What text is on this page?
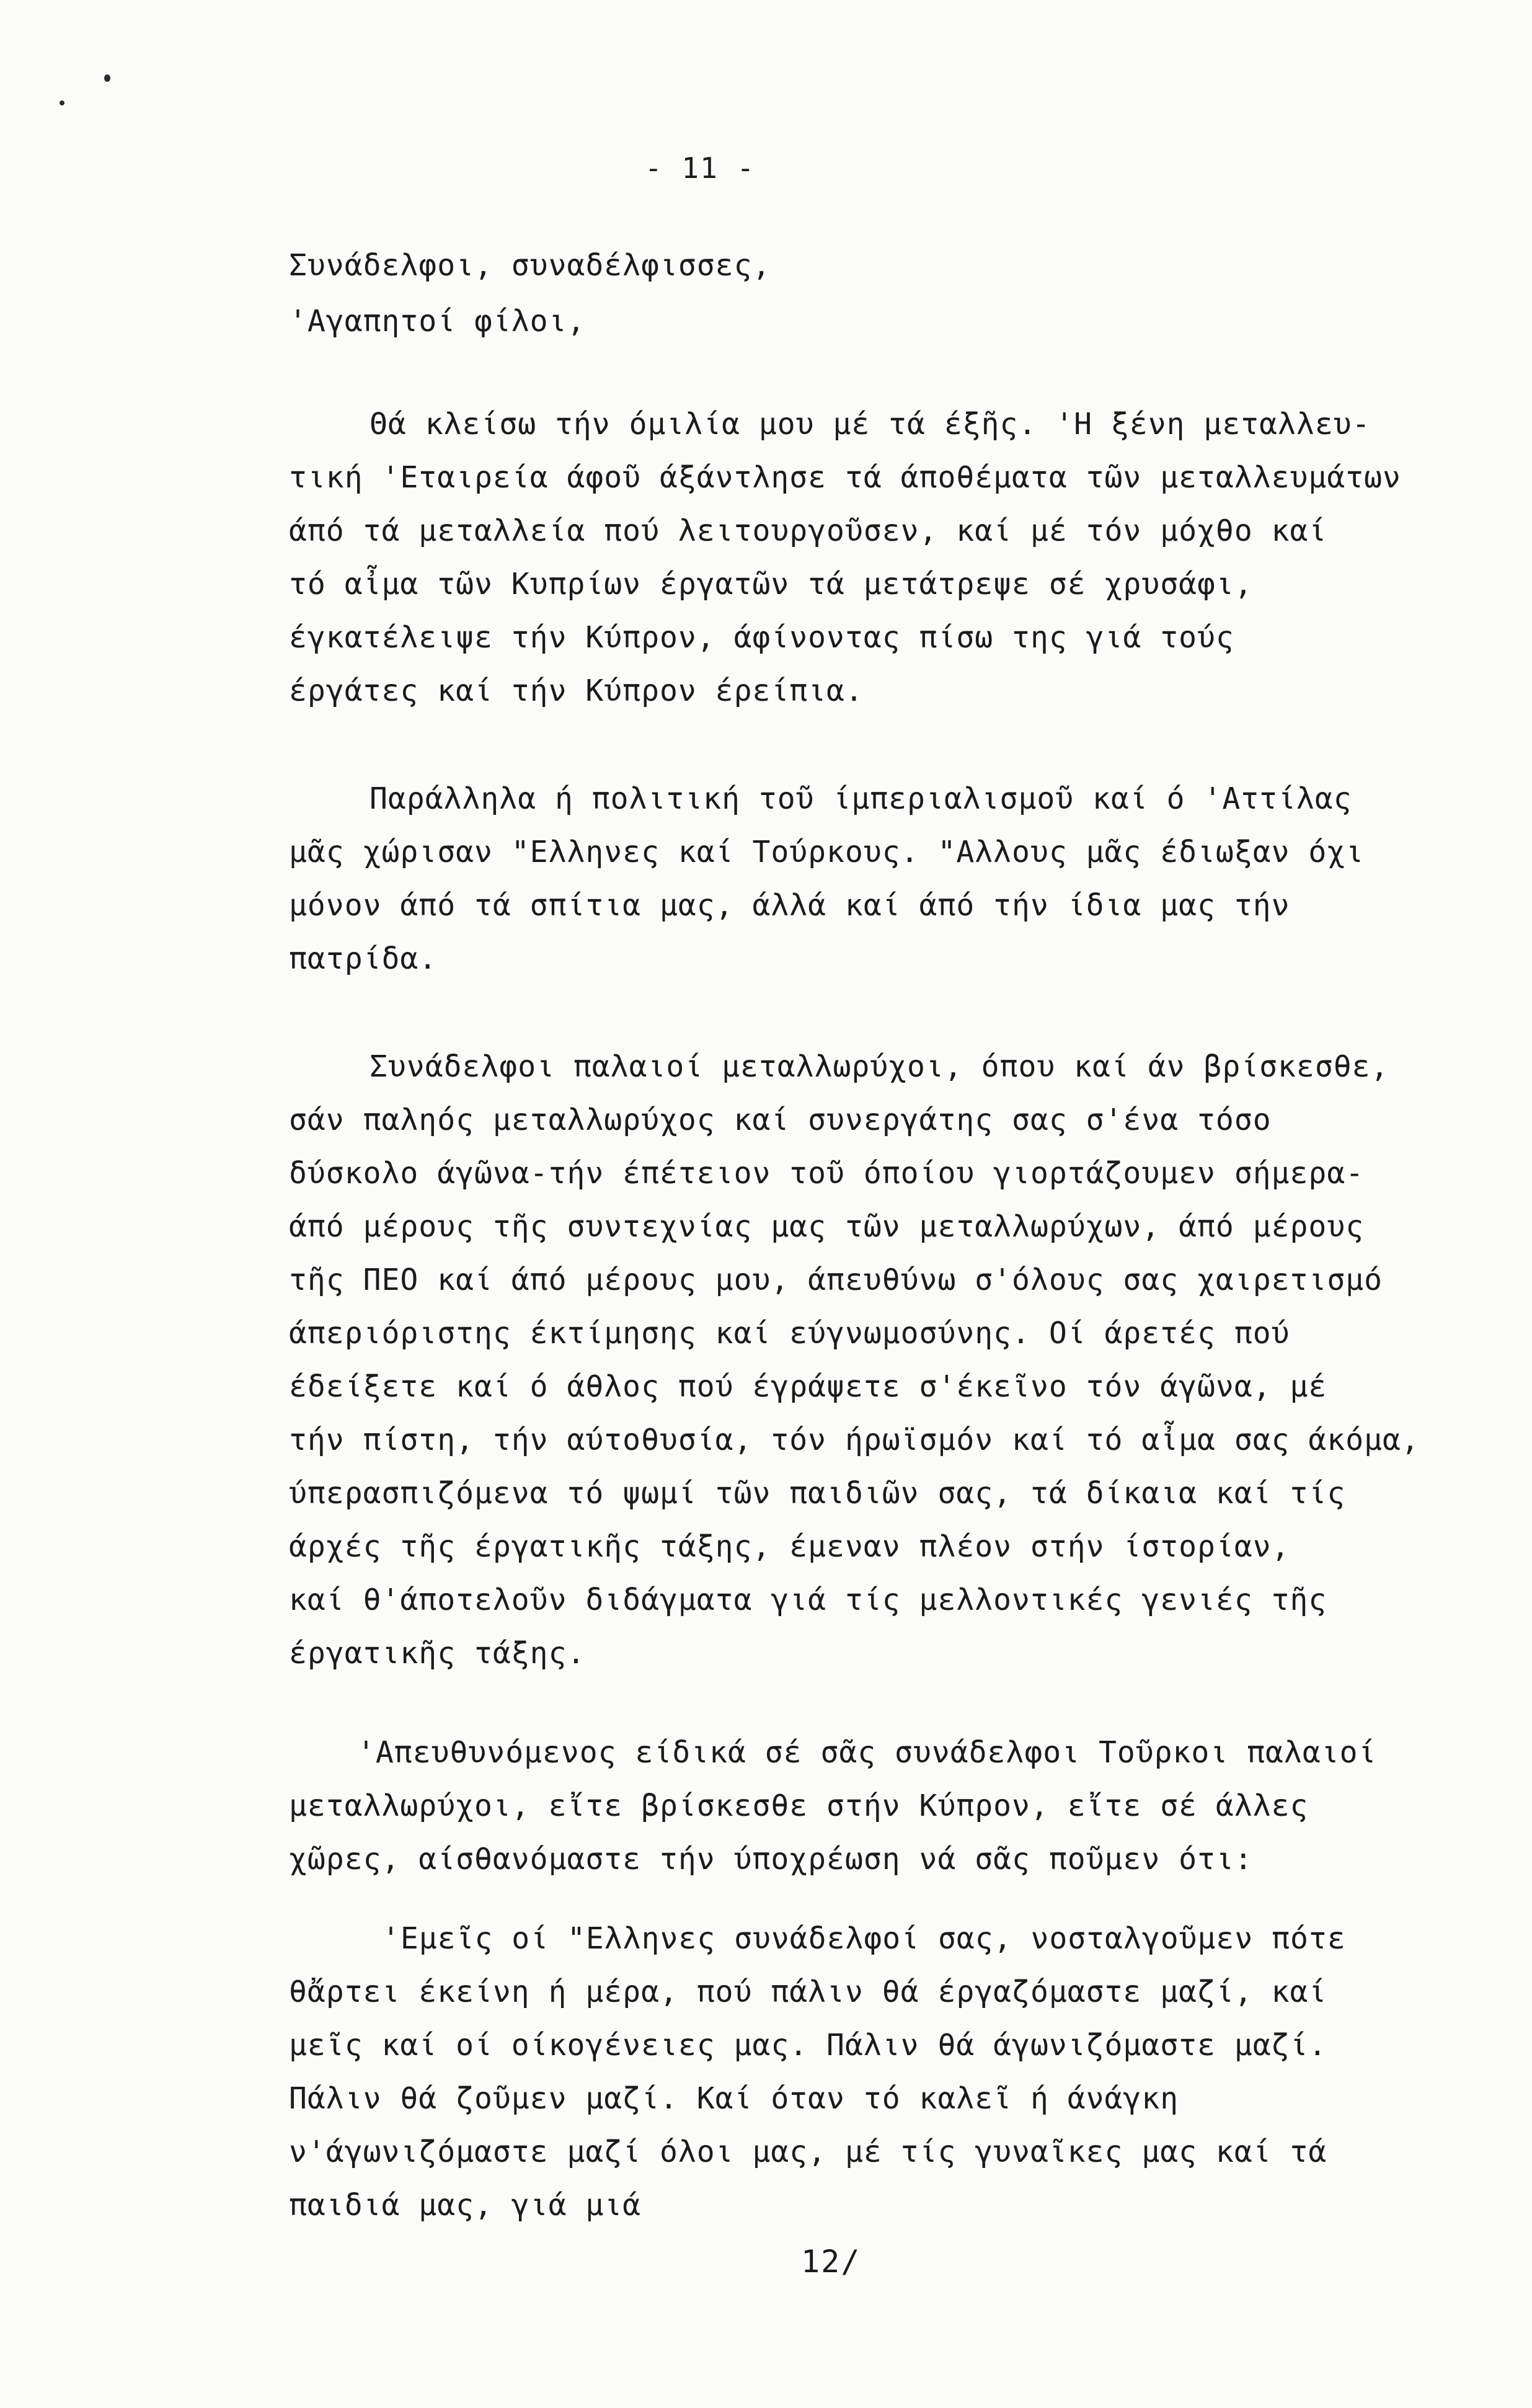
- 11 -
Συνάδελφοι, συναδέλφισσες,
'Αγαπητοί φίλοι,
Θά κλείσω τήν όμιλία μου μέ τά έξῆς. 'Η ξένη μεταλλευ-
τική 'Εταιρεία άφοῦ άξάντλησε τά άποθέματα τῶν μεταλλευμάτων
άπό τά μεταλλεία πού λειτουργοῦσεν, καί μέ τόν μόχθο καί
τό αἶμα τῶν Κυπρίων έργατῶν τά μετάτρεψε σέ χρυσάφι,
έγκατέλειψε τήν Κύπρον, άφίνοντας πίσω της γιά τούς
έργάτες καί τήν Κύπρον έρείπια.
Παράλληλα ή πολιτική τοῦ ίμπεριαλισμοῦ καί ό 'Αττίλας
μᾶς χώρισαν "Ελληνες καί Τούρκους. "Αλλους μᾶς έδιωξαν όχι
μόνον άπό τά σπίτια μας, άλλά καί άπό τήν ίδια μας τήν
πατρίδα.
Συνάδελφοι παλαιοί μεταλλωρύχοι, όπου καί άν βρίσκεσθε,
σάν παληός μεταλλωρύχος καί συνεργάτης σας σ'ένα τόσο
δύσκολο άγῶνα-τήν έπέτειον τοῦ όποίου γιορτάζουμεν σήμερα-
άπό μέρους τῆς συντεχνίας μας τῶν μεταλλωρύχων, άπό μέρους
τῆς ΠΕΟ καί άπό μέρους μου, άπευθύνω σ'όλους σας χαιρετισμό
άπεριόριστης έκτίμησης καί εύγνωμοσύνης. Οί άρετές πού
έδείξετε καί ό άθλος πού έγράψετε σ'έκεῖνο τόν άγῶνα, μέ
τήν πίστη, τήν αύτοθυσία, τόν ήρωϊσμόν καί τό αἶμα σας άκόμα,
ύπερασπιζόμενα τό ψωμί τῶν παιδιῶν σας, τά δίκαια καί τίς
άρχές τῆς έργατικῆς τάξης, έμεναν πλέον στήν ίστορίαν,
καί θ'άποτελοῦν διδάγματα γιά τίς μελλοντικές γενιές τῆς
έργατικῆς τάξης.
'Απευθυνόμενος είδικά σέ σᾶς συνάδελφοι Τοῦρκοι παλαιοί
μεταλλωρύχοι, εἴτε βρίσκεσθε στήν Κύπρον, εἴτε σέ άλλες
χῶρες, αίσθανόμαστε τήν ύποχρέωση νά σᾶς ποῦμεν ότι:
'Εμεῖς οί "Ελληνες συνάδελφοί σας, νοσταλγοῦμεν πότε
θἄρτει έκείνη ή μέρα, πού πάλιν θά έργαζόμαστε μαζί, καί
μεῖς καί οί οίκογένειες μας. Πάλιν θά άγωνιζόμαστε μαζί.
Πάλιν θά ζοῦμεν μαζί. Καί όταν τό καλεῖ ή άνάγκη
ν'άγωνιζόμαστε μαζί όλοι μας, μέ τίς γυναῖκες μας καί τά
παιδιά μας, γιά μιά
12/
